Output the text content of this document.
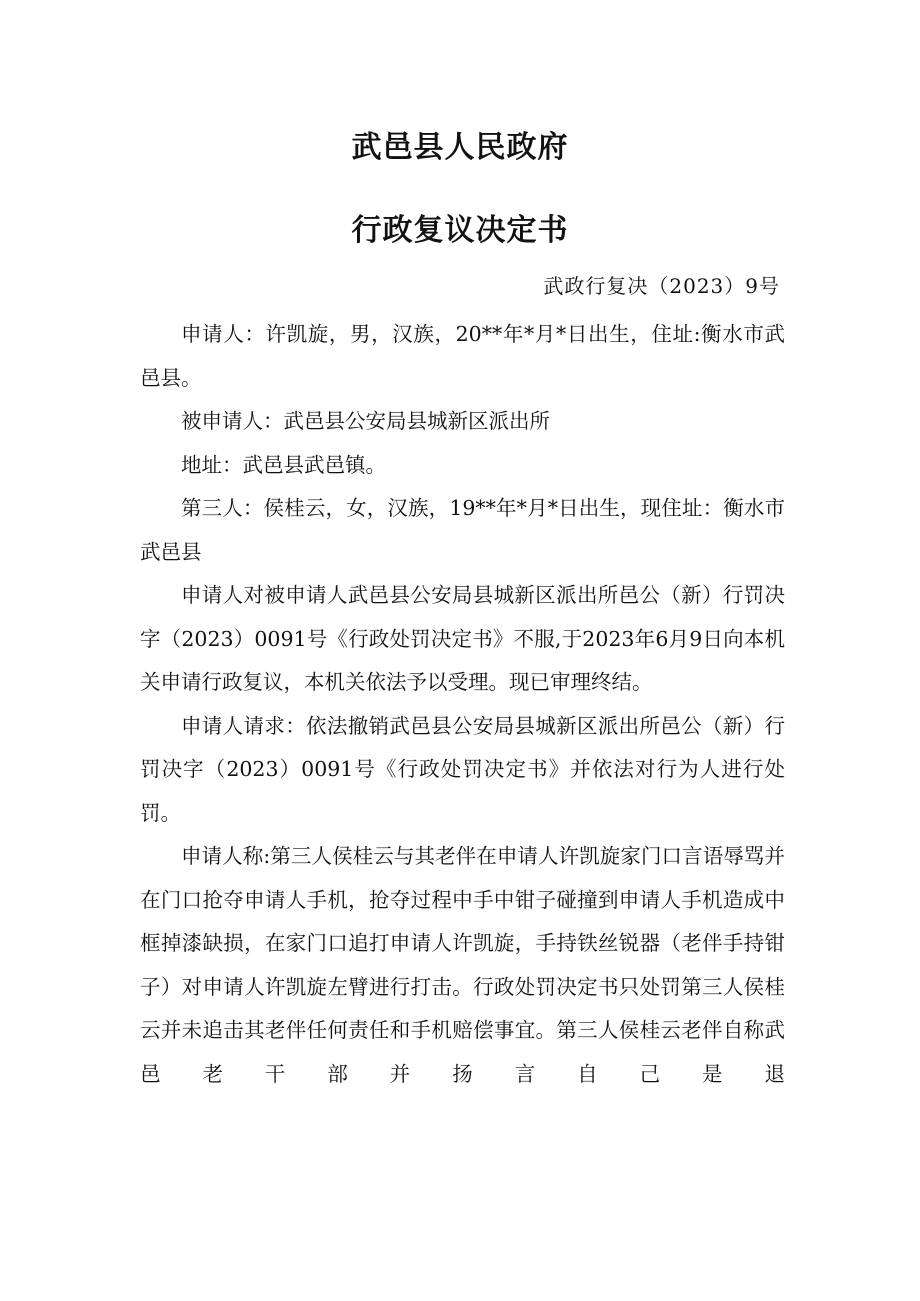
武邑县人民政府
行政复议决定书
武政行复决（2023）9号

申请人：许凯旋，男，汉族，20**年*月*日出生，住址:衡水市武邑县。

被申请人：武邑县公安局县城新区派出所

地址：武邑县武邑镇。

第三人：侯桂云，女，汉族，19**年*月*日出生，现住址：衡水市武邑县

申请人对被申请人武邑县公安局县城新区派出所邑公（新）行罚决字（2023）0091号《行政处罚决定书》不服,于2023年6月9日向本机关申请行政复议，本机关依法予以受理。现已审理终结。

申请人请求：依法撤销武邑县公安局县城新区派出所邑公（新）行罚决字（2023）0091号《行政处罚决定书》并依法对行为人进行处罚。

申请人称:第三人侯桂云与其老伴在申请人许凯旋家门口言语辱骂并在门口抢夺申请人手机，抢夺过程中手中钳子碰撞到申请人手机造成中框掉漆缺损，在家门口追打申请人许凯旋，手持铁丝锐器（老伴手持钳子）对申请人许凯旋左臂进行打击。行政处罚决定书只处罚第三人侯桂云并未追击其老伴任何责任和手机赔偿事宜。第三人侯桂云老伴自称武邑老干部并扬言自己是退
